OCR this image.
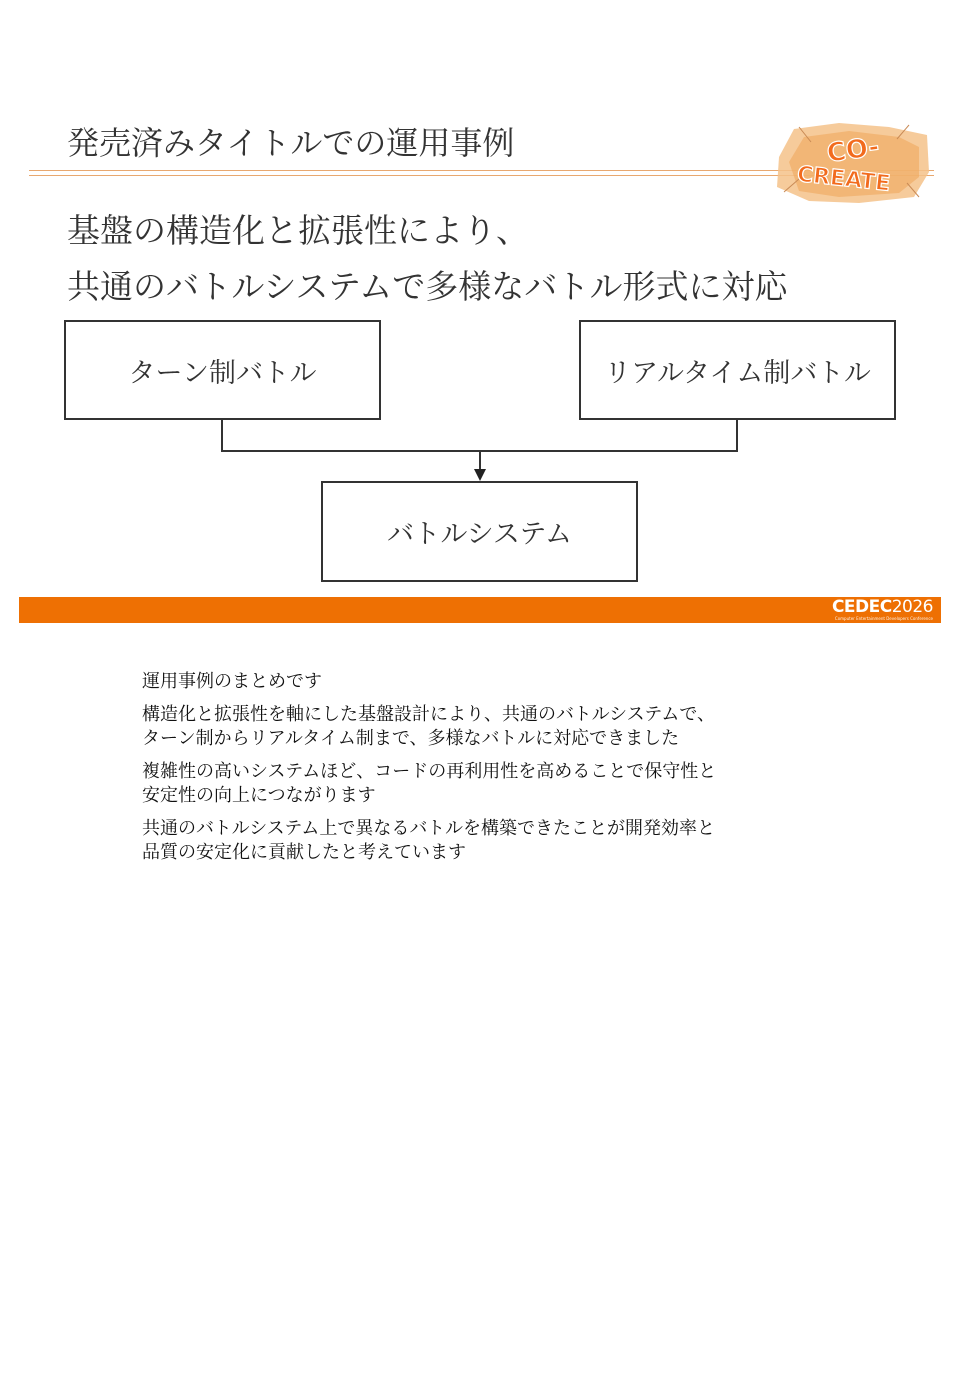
発売済みタイトルでの運用事例	CO-
CREATE
基盤の構造化と拡張性により、
共通のバトルシステムで多様なバトル形式に対応
ターン制バトル	リアルタイム制バトル
バトルシステム
CEDEC2026
Computer Entertainment Developers Conference

運用事例のまとめです

構造化と拡張性を軸にした基盤設計により、共通のバトルシステムで、
ターン制からリアルタイム制まで、多様なバトルに対応できました

複雑性の高いシステムほど、コードの再利用性を高めることで保守性と
安定性の向上につながります

共通のバトルシステム上で異なるバトルを構築できたことが開発効率と
品質の安定化に貢献したと考えています
